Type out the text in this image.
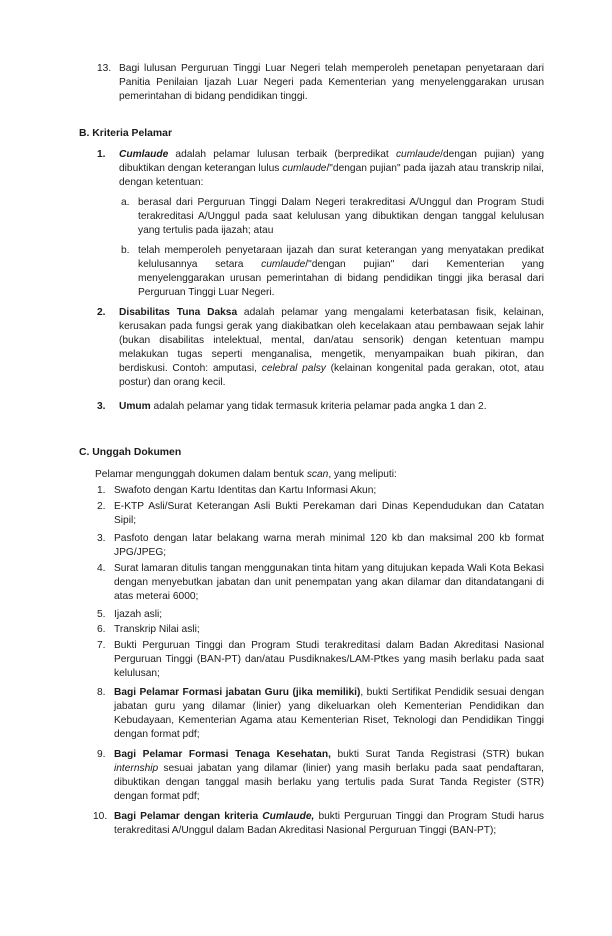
13. Bagi lulusan Perguruan Tinggi Luar Negeri telah memperoleh penetapan penyetaraan dari Panitia Penilaian Ijazah Luar Negeri pada Kementerian yang menyelenggarakan urusan pemerintahan di bidang pendidikan tinggi.

B. Kriteria Pelamar
1. Cumlaude adalah pelamar lulusan terbaik (berpredikat cumlaude/dengan pujian) yang dibuktikan dengan keterangan lulus cumlaude/"dengan pujian" pada ijazah atau transkrip nilai, dengan ketentuan:

a. berasal dari Perguruan Tinggi Dalam Negeri terakreditasi A/Unggul dan Program Studi terakreditasi A/Unggul pada saat kelulusan yang dibuktikan dengan tanggal kelulusan yang tertulis pada ijazah; atau

b. telah memperoleh penyetaraan ijazah dan surat keterangan yang menyatakan predikat kelulusannya setara cumlaude/"dengan pujian" dari Kementerian yang menyelenggarakan urusan pemerintahan di bidang pendidikan tinggi jika berasal dari Perguruan Tinggi Luar Negeri.

2. Disabilitas Tuna Daksa adalah pelamar yang mengalami keterbatasan fisik, kelainan, kerusakan pada fungsi gerak yang diakibatkan oleh kecelakaan atau pembawaan sejak lahir (bukan disabilitas intelektual, mental, dan/atau sensorik) dengan ketentuan mampu melakukan tugas seperti menganalisa, mengetik, menyampaikan buah pikiran, dan berdiskusi. Contoh: amputasi, celebral palsy (kelainan kongenital pada gerakan, otot, atau postur) dan orang kecil.

3. Umum adalah pelamar yang tidak termasuk kriteria pelamar pada angka 1 dan 2.

C. Unggah Dokumen

Pelamar mengunggah dokumen dalam bentuk scan, yang meliputi:

1. Swafoto dengan Kartu Identitas dan Kartu Informasi Akun;

2. E-KTP Asli/Surat Keterangan Asli Bukti Perekaman dari Dinas Kependudukan dan Catatan Sipil;

3. Pasfoto dengan latar belakang warna merah minimal 120 kb dan maksimal 200 kb format JPG/JPEG;

4. Surat lamaran ditulis tangan menggunakan tinta hitam yang ditujukan kepada Wali Kota Bekasi dengan menyebutkan jabatan dan unit penempatan yang akan dilamar dan ditandatangani di atas meterai 6000;

5. Ijazah asli;

6. Transkrip Nilai asli;

7. Bukti Perguruan Tinggi dan Program Studi terakreditasi dalam Badan Akreditasi Nasional Perguruan Tinggi (BAN-PT) dan/atau Pusdiknakes/LAM-Ptkes yang masih berlaku pada saat kelulusan;

8. Bagi Pelamar Formasi jabatan Guru (jika memiliki), bukti Sertifikat Pendidik sesuai dengan jabatan guru yang dilamar (linier) yang dikeluarkan oleh Kementerian Pendidikan dan Kebudayaan, Kementerian Agama atau Kementerian Riset, Teknologi dan Pendidikan Tinggi dengan format pdf;

9. Bagi Pelamar Formasi Tenaga Kesehatan, bukti Surat Tanda Registrasi (STR) bukan internship sesuai jabatan yang dilamar (linier) yang masih berlaku pada saat pendaftaran, dibuktikan dengan tanggal masih berlaku yang tertulis pada Surat Tanda Register (STR) dengan format pdf;

10. Bagi Pelamar dengan kriteria Cumlaude, bukti Perguruan Tinggi dan Program Studi harus terakreditasi A/Unggul dalam Badan Akreditasi Nasional Perguruan Tinggi (BAN-PT);
